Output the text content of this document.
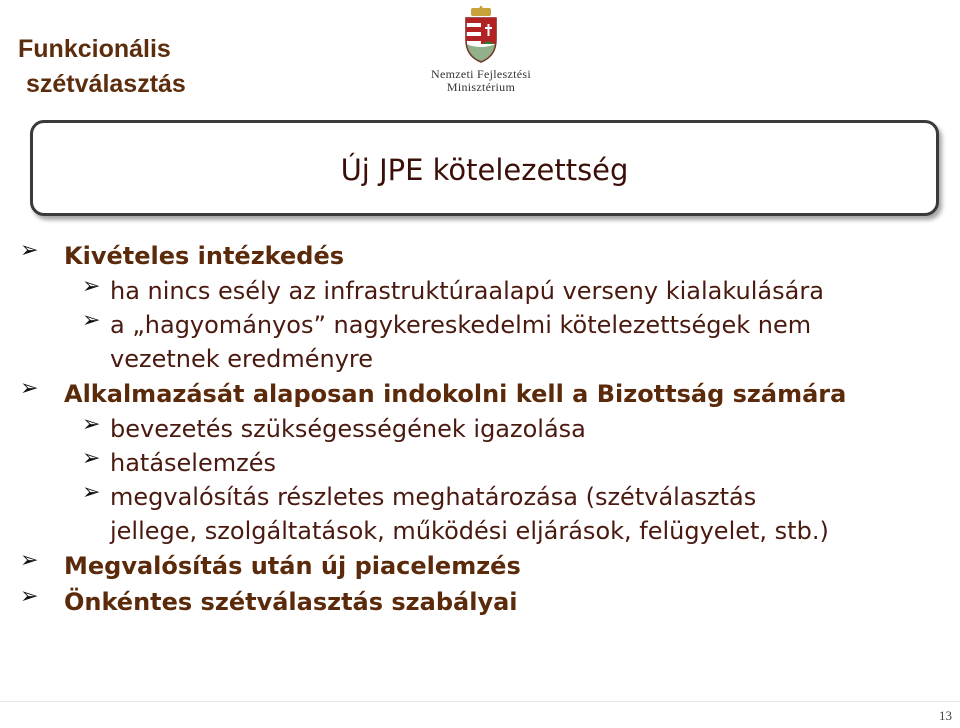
Funkcionális
szétválasztás	Nemzeti Fejlesztési
Minisztérium
Új JPE kötelezettség
➢ Kivételes intézkedés
➢ ha nincs esély az infrastruktúraalapú verseny kialakulására
➢ a „hagyományos” nagykereskedelmi kötelezettségek nem
vezetnek eredményre
➢ Alkalmazását alaposan indokolni kell a Bizottság számára
➢ bevezetés szükségességének igazolása
➢ hatáselemzés
➢ megvalósítás részletes meghatározása (szétválasztás
jellege, szolgáltatások, működési eljárások, felügyelet, stb.)
➢ Megvalósítás után új piacelemzés
➢ Önkéntes szétválasztás szabályai
13
